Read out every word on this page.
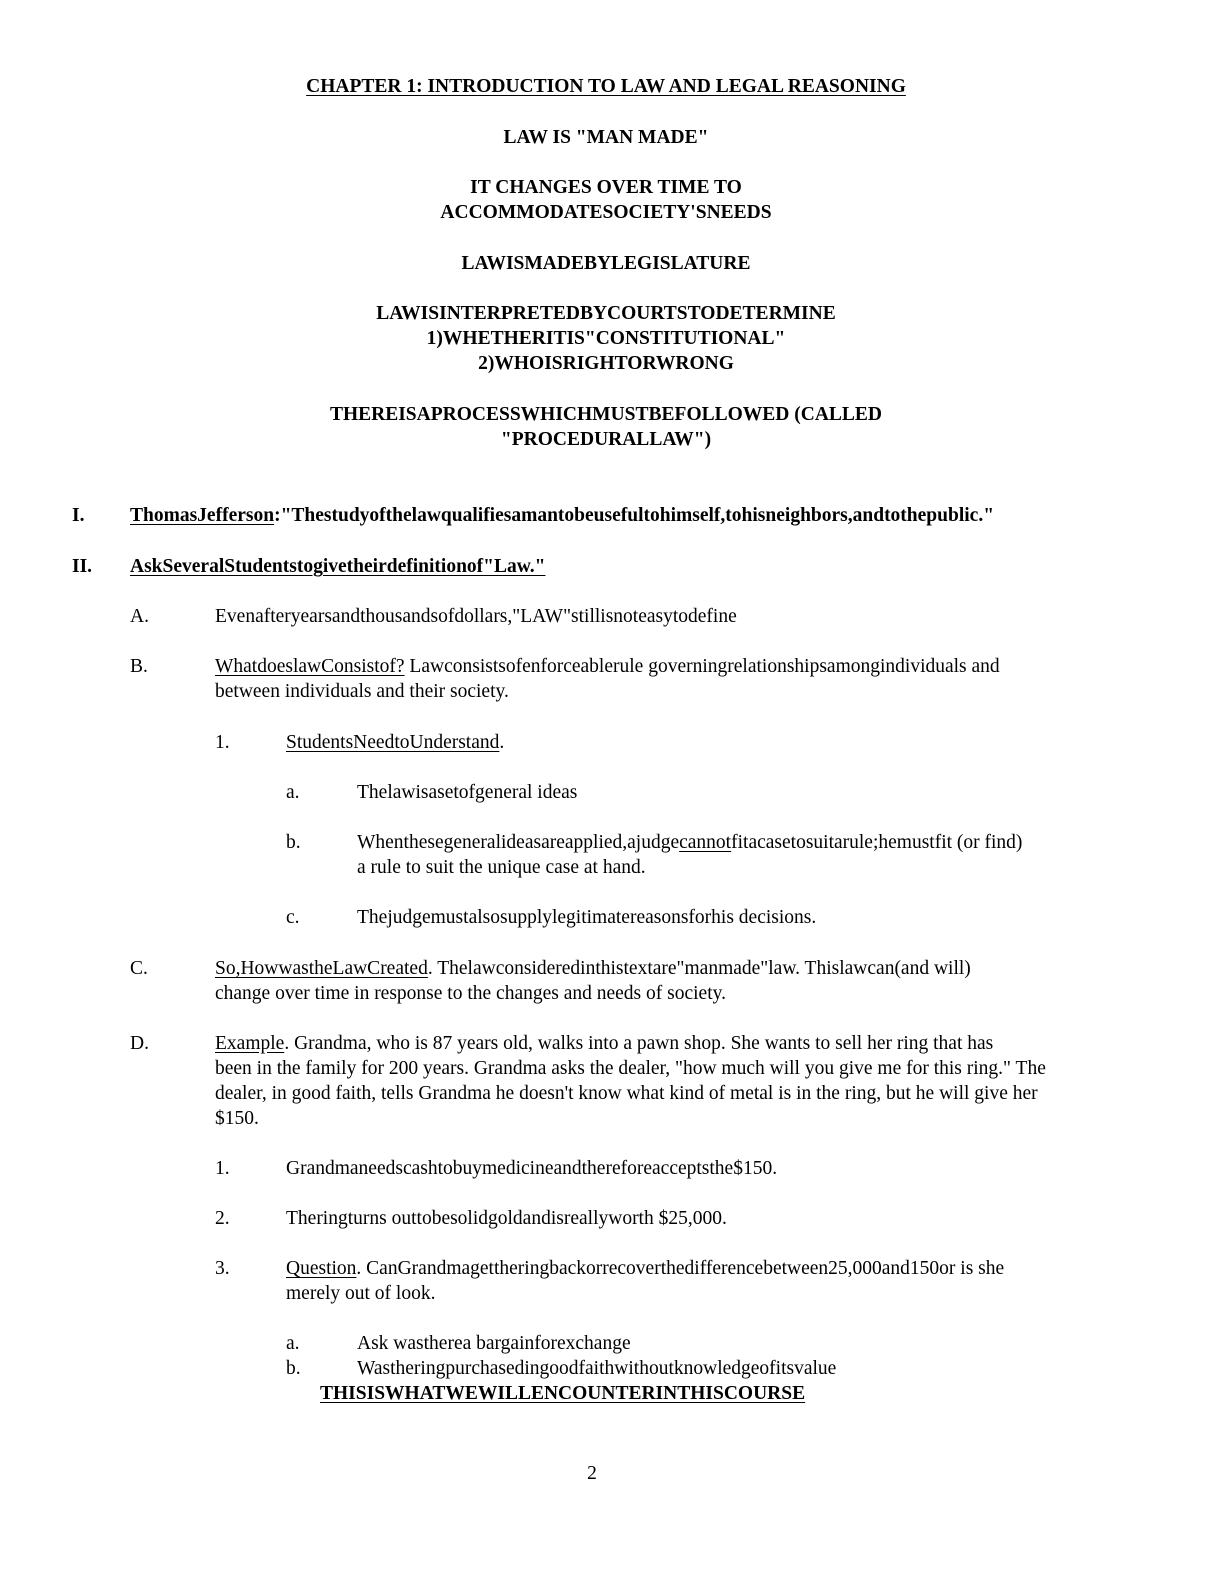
CHAPTER 1: INTRODUCTION TO LAW AND LEGAL REASONING
LAW IS "MAN MADE"
IT CHANGES OVER TIME TO
ACCOMMODATESOCIETY'SNEEDS
LAWISMADEBYLEGISLATURE
LAWISINTERPRETEDBYCOURTSTODETERMINE
1)WHETHERITIS"CONSTITUTIONAL"
2)WHOISRIGHTORWRONG
THEREISAPROCESSWHICHMUSTBEFOLLOWED (CALLED
"PROCEDURALLAW")
I. ThomasJefferson:"Thestudyofthelawqualifiesamantobeusefultohimself,tohisneighbors,andtothepublic."
II. AskSeveralStudentstogivetheirdefinitionof"Law."
A.	Evenafteryearsandthousandsofdollars,"LAW"stillisnoteasytodefine
B.	WhatdoeslawConsistof? Lawconsistsofenforceablerule governingrelationshipsamongindividuals and
between individuals and their society.
1.	StudentsNeedtoUnderstand.
a.	Thelawisasetofgeneral ideas
b.	Whenthesegeneralideasareapplied,ajudgecannotfitacasetosuitarule;hemustfit (or find)
a rule to suit the unique case at hand.
c.	Thejudgemustalsosupplylegitimatereasonsforhis decisions.
C.	So,HowwastheLawCreated. Thelawconsideredinthistextare"manmade"law. Thislawcan(and will)
change over time in response to the changes and needs of society.
D.	Example. Grandma, who is 87 years old, walks into a pawn shop. She wants to sell her ring that has
been in the family for 200 years. Grandma asks the dealer, "how much will you give me for this ring." The
dealer, in good faith, tells Grandma he doesn't know what kind of metal is in the ring, but he will give her
$150.
1.	Grandmaneedscashtobuymedicineandthereforeacceptsthe$150.
2.	Theringturns outtobesolidgoldandisreallyworth $25,000.
3.	Question. CanGrandmagettheringbackorrecoverthedifferencebetween25,000and150or is she
merely out of look.
a.	Ask wastherea bargainforexchange
b.	Wastheringpurchasedingoodfaithwithoutknowledgeofitsvalue
THISISWHATWEWILLENCOUNTERINTHISCOURSE
2
